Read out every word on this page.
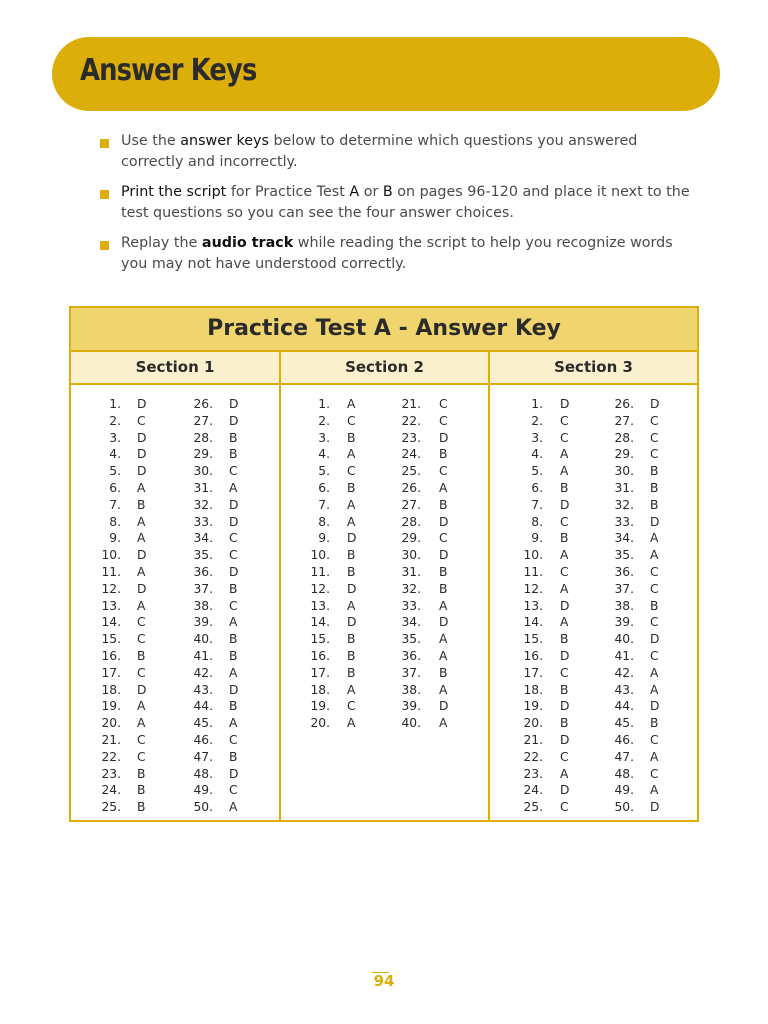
Answer Keys
Use the answer keys below to determine which questions you answered correctly and incorrectly.
Print the script for Practice Test A or B on pages 96-120 and place it next to the test questions so you can see the four answer choices.
Replay the audio track while reading the script to help you recognize words you may not have understood correctly.
Practice Test A - Answer Key
Section 1
1. D	26. D
2. C	27. D
3. D	28. B
4. D	29. B
5. D	30. C
6. A	31. A
7. B	32. D
8. A	33. D
9. A	34. C
10. D	35. C
11. A	36. D
12. D	37. B
13. A	38. C
14. C	39. A
15. C	40. B
16. B	41. B
17. C	42. A
18. D	43. D
19. A	44. B
20. A	45. A
21. C	46. C
22. C	47. B
23. B	48. D
24. B	49. C
25. B	50. A
Section 2
1. A	21. C
2. C	22. C
3. B	23. D
4. A	24. B
5. C	25. C
6. B	26. A
7. A	27. B
8. A	28. D
9. D	29. C
10. B	30. D
11. B	31. B
12. D	32. B
13. A	33. A
14. D	34. D
15. B	35. A
16. B	36. A
17. B	37. B
18. A	38. A
19. C	39. D
20. A	40. A
Section 3
1. D	26. D
2. C	27. C
3. C	28. C
4. A	29. C
5. A	30. B
6. B	31. B
7. D	32. B
8. C	33. D
9. B	34. A
10. A	35. A
11. C	36. C
12. A	37. C
13. D	38. B
14. A	39. C
15. B	40. D
16. D	41. C
17. C	42. A
18. B	43. A
19. D	44. D
20. B	45. B
21. D	46. C
22. C	47. A
23. A	48. C
24. D	49. A
25. C	50. D
94
